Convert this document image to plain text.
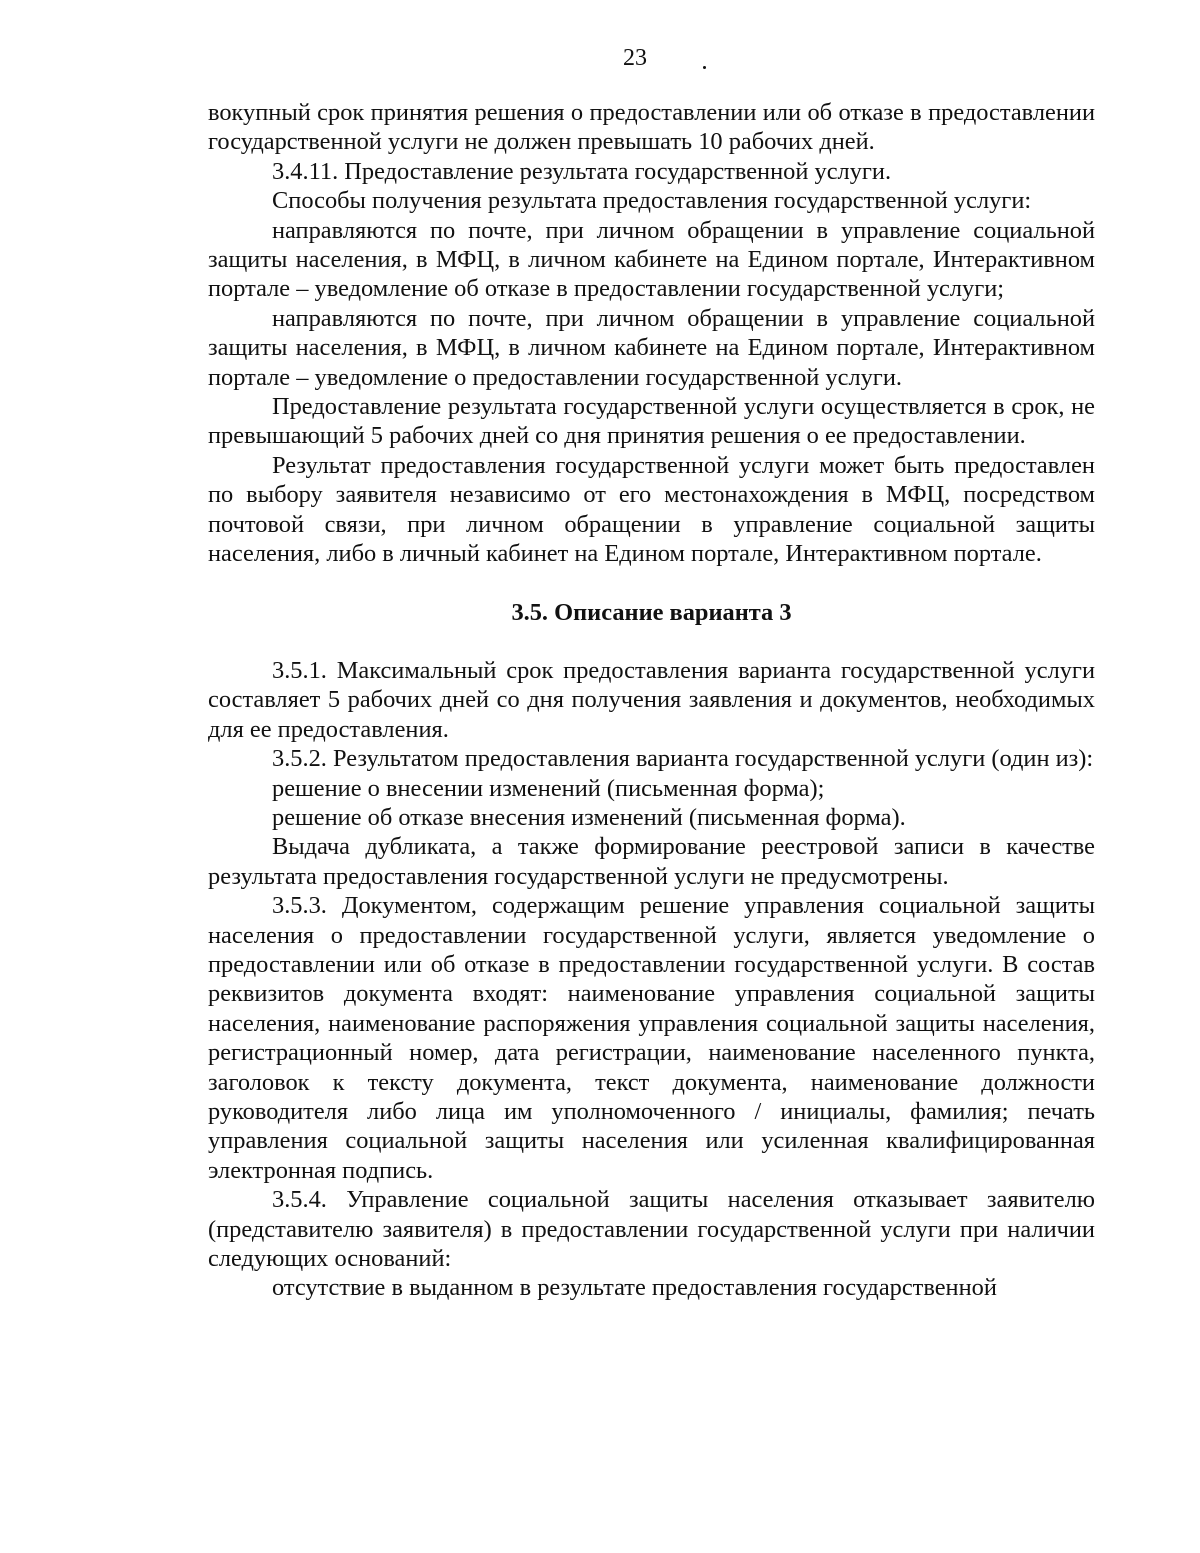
23

вокупный срок принятия решения о предоставлении или об отказе в предоставлении государственной услуги не должен превышать 10 рабочих дней.

3.4.11. Предоставление результата государственной услуги.

Способы получения результата предоставления государственной услуги:

направляются по почте, при личном обращении в управление социальной защиты населения, в МФЦ, в личном кабинете на Едином портале, Интерактивном портале – уведомление об отказе в предоставлении государственной услуги;

направляются по почте, при личном обращении в управление социальной защиты населения, в МФЦ, в личном кабинете на Едином портале, Интерактивном портале – уведомление о предоставлении государственной услуги.

Предоставление результата государственной услуги осуществляется в срок, не превышающий 5 рабочих дней со дня принятия решения о ее предоставлении.

Результат предоставления государственной услуги может быть предоставлен по выбору заявителя независимо от его местонахождения в МФЦ, посредством почтовой связи, при личном обращении в управление социальной защиты населения, либо в личный кабинет на Едином портале, Интерактивном портале.

3.5. Описание варианта 3

3.5.1. Максимальный срок предоставления варианта государственной услуги составляет 5 рабочих дней со дня получения заявления и документов, необходимых для ее предоставления.

3.5.2. Результатом предоставления варианта государственной услуги (один из):

решение о внесении изменений (письменная форма);

решение об отказе внесения изменений (письменная форма).

Выдача дубликата, а также формирование реестровой записи в качестве результата предоставления государственной услуги не предусмотрены.

3.5.3. Документом, содержащим решение управления социальной защиты населения о предоставлении государственной услуги, является уведомление о предоставлении или об отказе в предоставлении государственной услуги. В состав реквизитов документа входят: наименование управления социальной защиты населения, наименование распоряжения управления социальной защиты населения, регистрационный номер, дата регистрации, наименование населенного пункта, заголовок к тексту документа, текст документа, наименование должности руководителя либо лица им уполномоченного / инициалы, фамилия; печать управления социальной защиты населения или усиленная квалифицированная электронная подпись.

3.5.4. Управление социальной защиты населения отказывает заявителю (представителю заявителя) в предоставлении государственной услуги при наличии следующих оснований:

отсутствие в выданном в результате предоставления государственной
